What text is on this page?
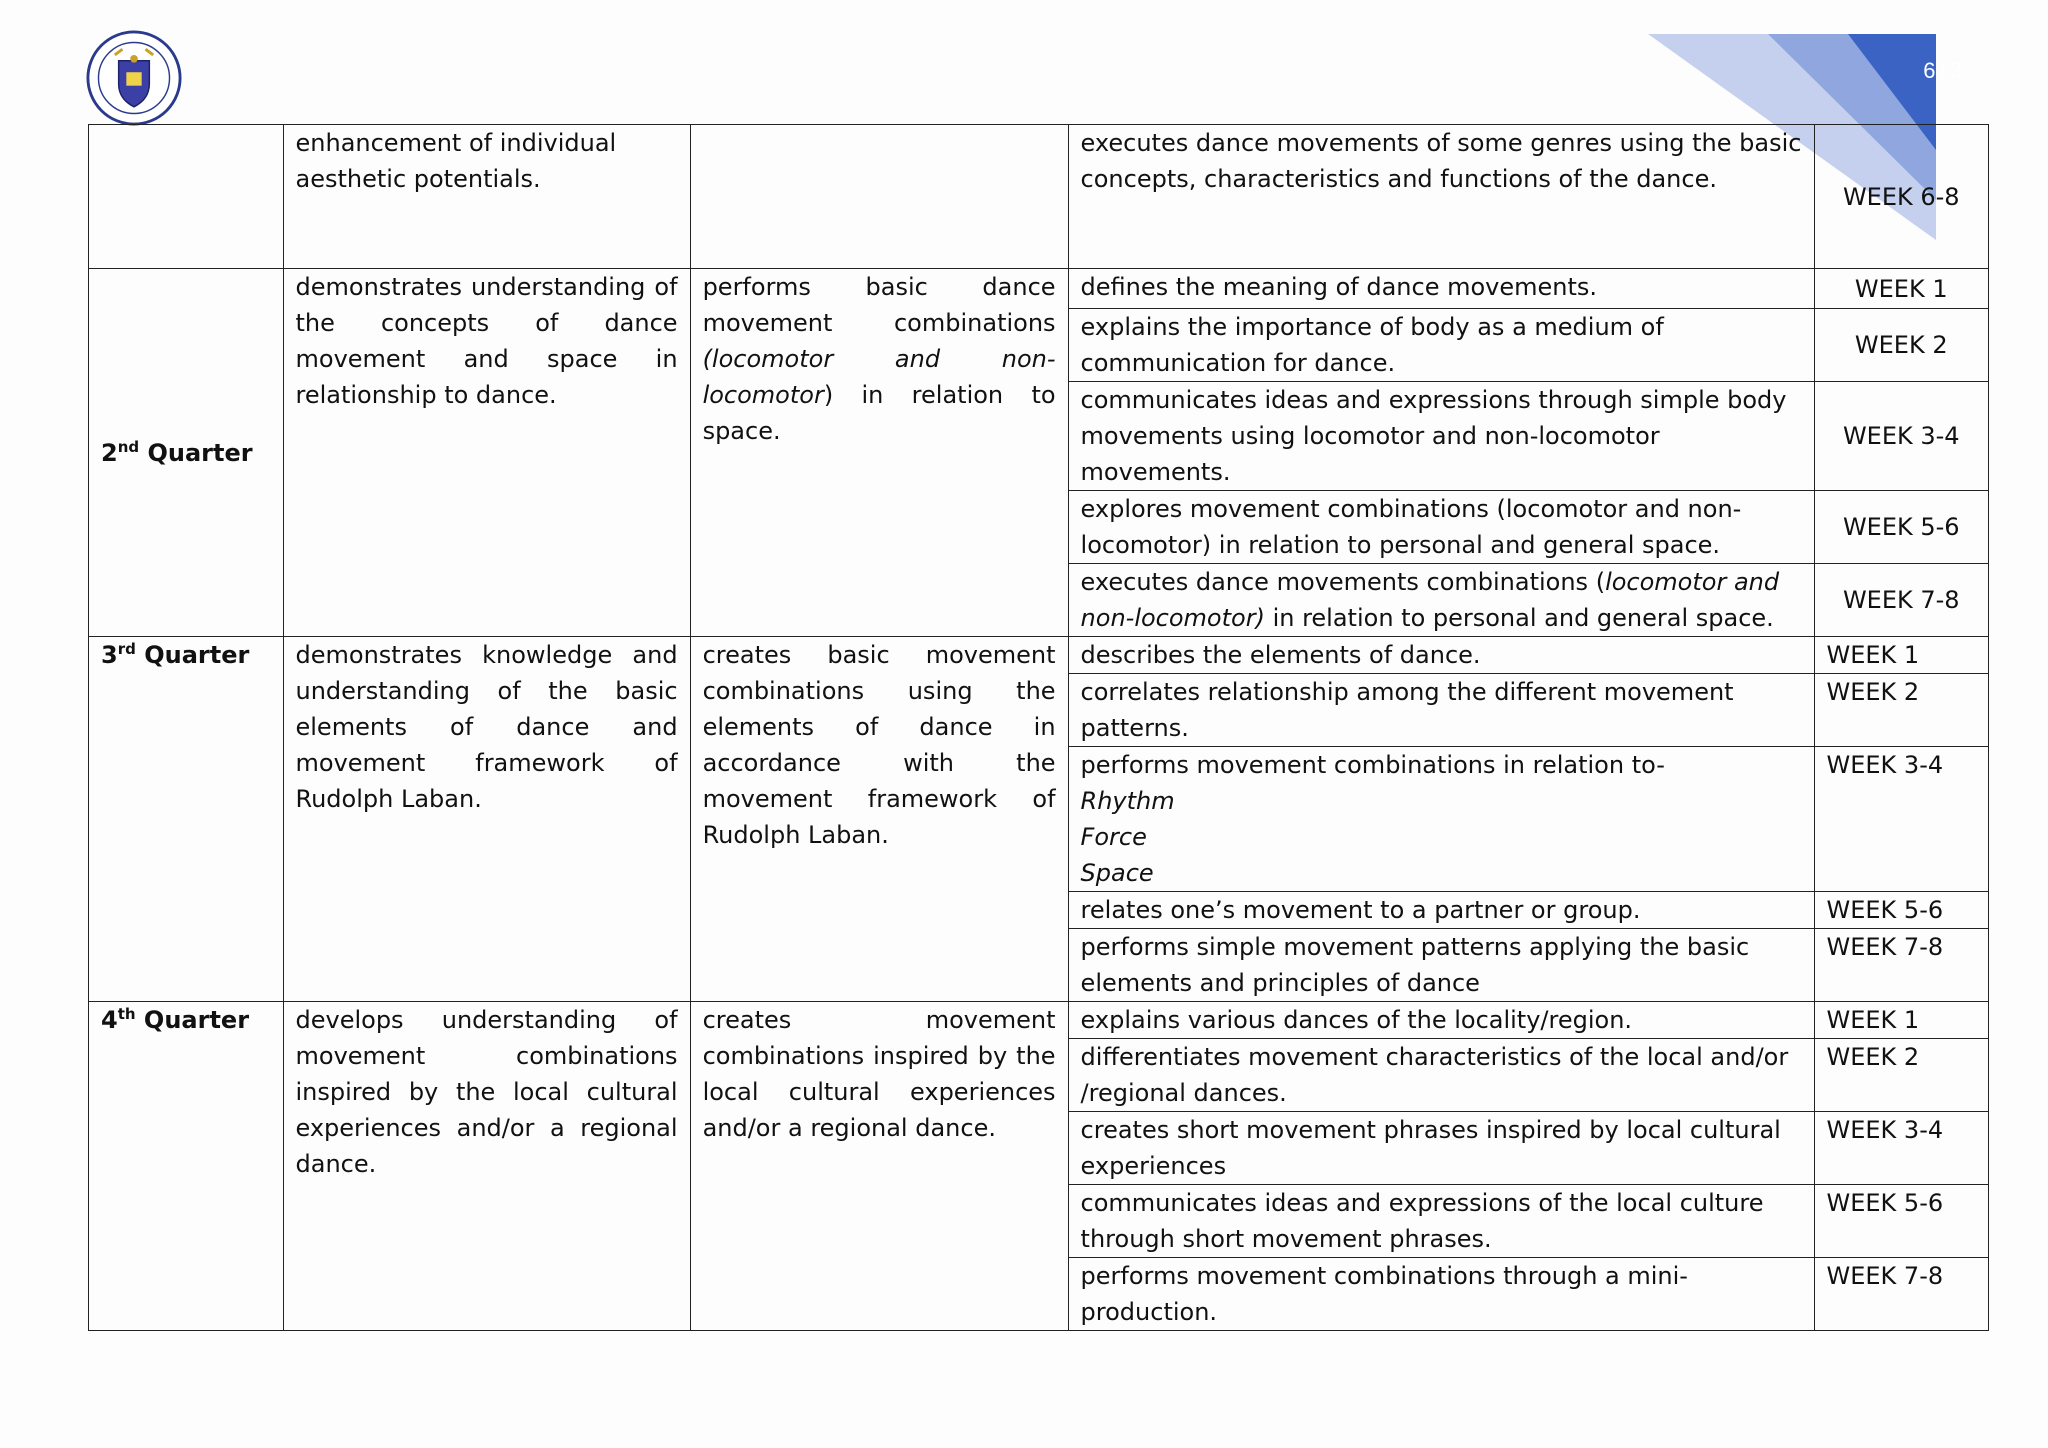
613
	enhancement of individual aesthetic potentials.		executes dance movements of some genres using the basic concepts, characteristics and functions of the dance.	WEEK 6-8
2nd Quarter	demonstrates understanding of the concepts of dance movement and space in relationship to dance.	performs basic dance movement combinations (locomotor and non-locomotor) in relation to space.	defines the meaning of dance movements.	WEEK 1
			explains the importance of body as a medium of communication for dance.	WEEK 2
			communicates ideas and expressions through simple body movements using locomotor and non-locomotor movements.	WEEK 3-4
			explores movement combinations (locomotor and non-locomotor) in relation to personal and general space.	WEEK 5-6
			executes dance movements combinations (locomotor and non-locomotor) in relation to personal and general space.	WEEK 7-8
3rd Quarter	demonstrates knowledge and understanding of the basic elements of dance and movement framework of Rudolph Laban.	creates basic movement combinations using the elements of dance in accordance with the movement framework of Rudolph Laban.	describes the elements of dance.	WEEK 1
			correlates relationship among the different movement patterns.	WEEK 2

			performs movement combinations in relation to-
Rhythm
Force
Space	WEEK 3-4
			relates one’s movement to a partner or group.	WEEK 5-6
			performs simple movement patterns applying the basic elements and principles of dance	WEEK 7-8
4th Quarter	develops understanding of movement combinations inspired by the local cultural experiences and/or a regional dance.	creates movement combinations inspired by the local cultural experiences and/or a regional dance.	explains various dances of the locality/region.	WEEK 1
			differentiates movement characteristics of the local and/or /regional dances.	WEEK 2
			creates short movement phrases inspired by local cultural experiences	WEEK 3-4
			communicates ideas and expressions of the local culture through short movement phrases.	WEEK 5-6
			performs movement combinations through a mini-production.	WEEK 7-8
